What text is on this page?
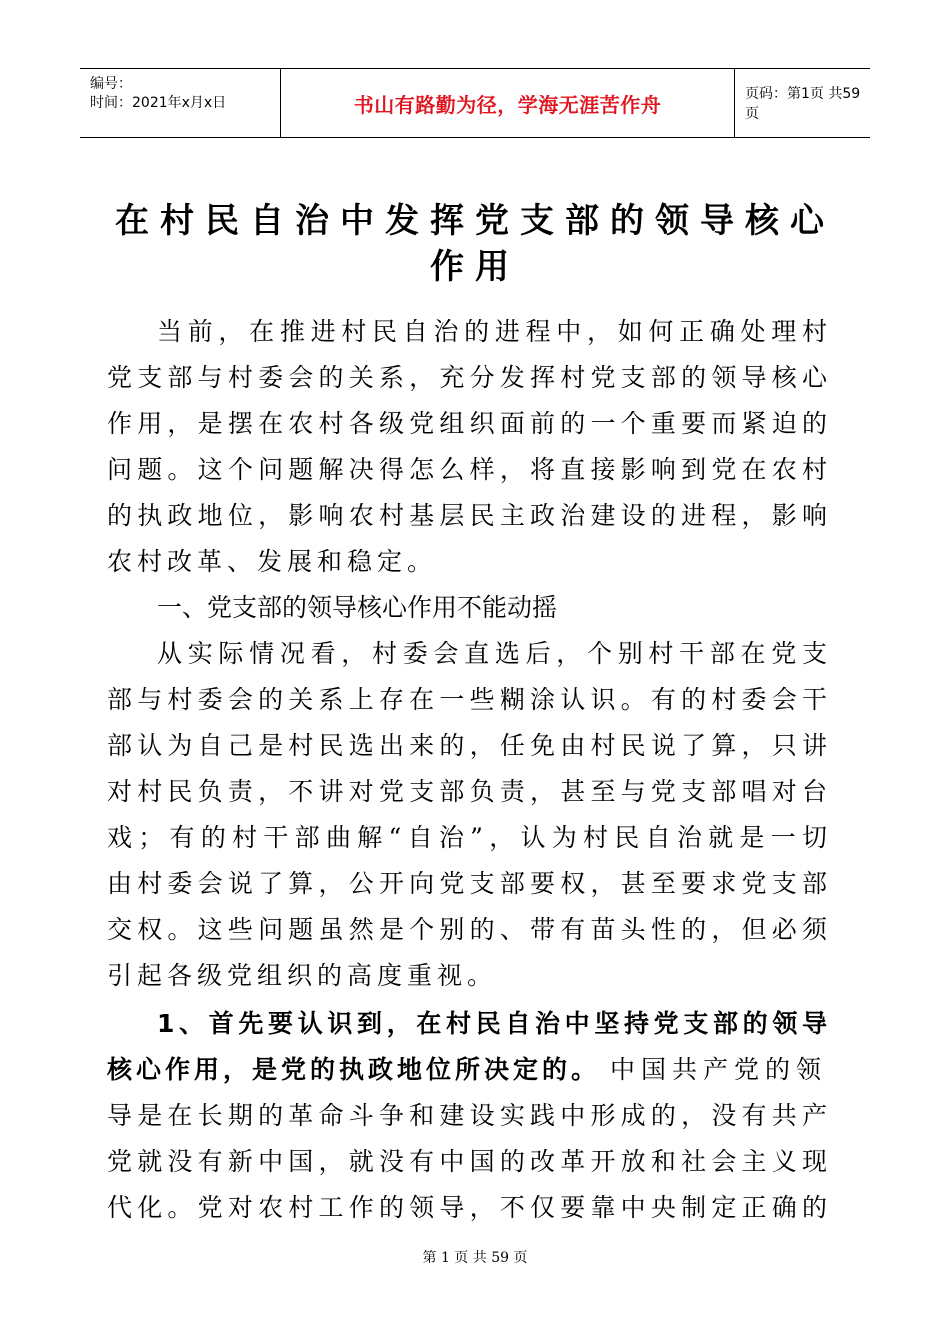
编号：
时间：2021年x月x日	书山有路勤为径，学海无涯苦作舟	页码：第1页 共59页
在村民自治中发挥党支部的领导核心
作用
当前，在推进村民自治的进程中，如何正确处理村
党支部与村委会的关系，充分发挥村党支部的领导核心
作用，是摆在农村各级党组织面前的一个重要而紧迫的
问题。这个问题解决得怎么样，将直接影响到党在农村
的执政地位，影响农村基层民主政治建设的进程，影响
农村改革、发展和稳定。
一、党支部的领导核心作用不能动摇
从实际情况看，村委会直选后，个别村干部在党支
部与村委会的关系上存在一些糊涂认识。有的村委会干
部认为自己是村民选出来的，任免由村民说了算，只讲
对村民负责，不讲对党支部负责，甚至与党支部唱对台
戏；有的村干部曲解“自治”，认为村民自治就是一切
由村委会说了算，公开向党支部要权，甚至要求党支部
交权。这些问题虽然是个别的、带有苗头性的，但必须
引起各级党组织的高度重视。
1、首先要认识到，在村民自治中坚持党支部的领导
核心作用，是党的执政地位所决定的。 中国共产党的领
导是在长期的革命斗争和建设实践中形成的，没有共产
党就没有新中国，就没有中国的改革开放和社会主义现
代化。党对农村工作的领导，不仅要靠中央制定正确的
第 1 页 共 59 页
